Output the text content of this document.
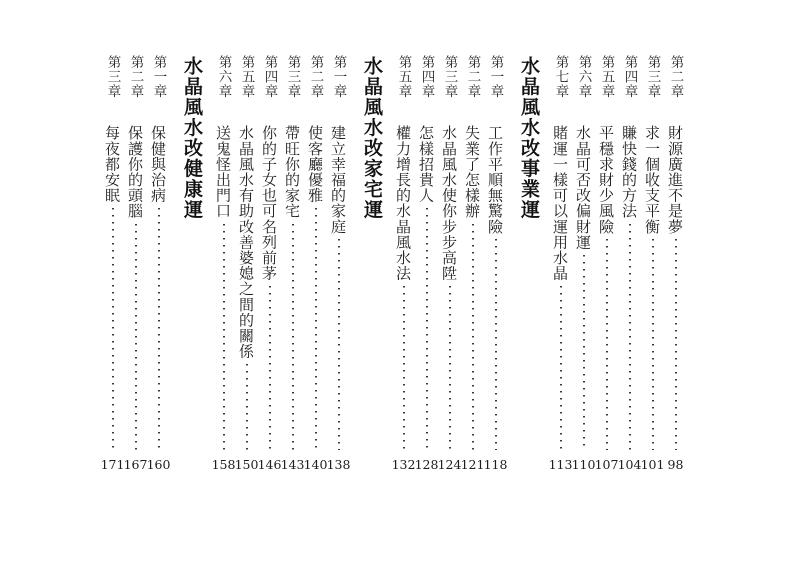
第二章
財源廣進不是夢
98
第三章
求一個收支平衡
101
第四章
賺快錢的方法
104
第五章
平穩求財少風險
107
第六章
水晶可否改偏財運
110
第七章
賭運一樣可以運用水晶
113
水晶風水改事業運
第一章
工作平順無驚險
118
第二章
失業了怎樣辦
121
第三章
水晶風水使你步步高陞
124
第四章
怎樣招貴人
128
第五章
權力增長的水晶風水法
132
水晶風水改家宅運
第一章
建立幸福的家庭
138
第二章
使客廳優雅
140
第三章
帶旺你的家宅
143
第四章
你的子女也可名列前茅
146
第五章
水晶風水有助改善婆媳之間的關係
150
第六章
送鬼怪出門口
158
水晶風水改健康運
第一章
保健與治病
160
第二章
保護你的頭腦
167
第三章
每夜都安眠
171
